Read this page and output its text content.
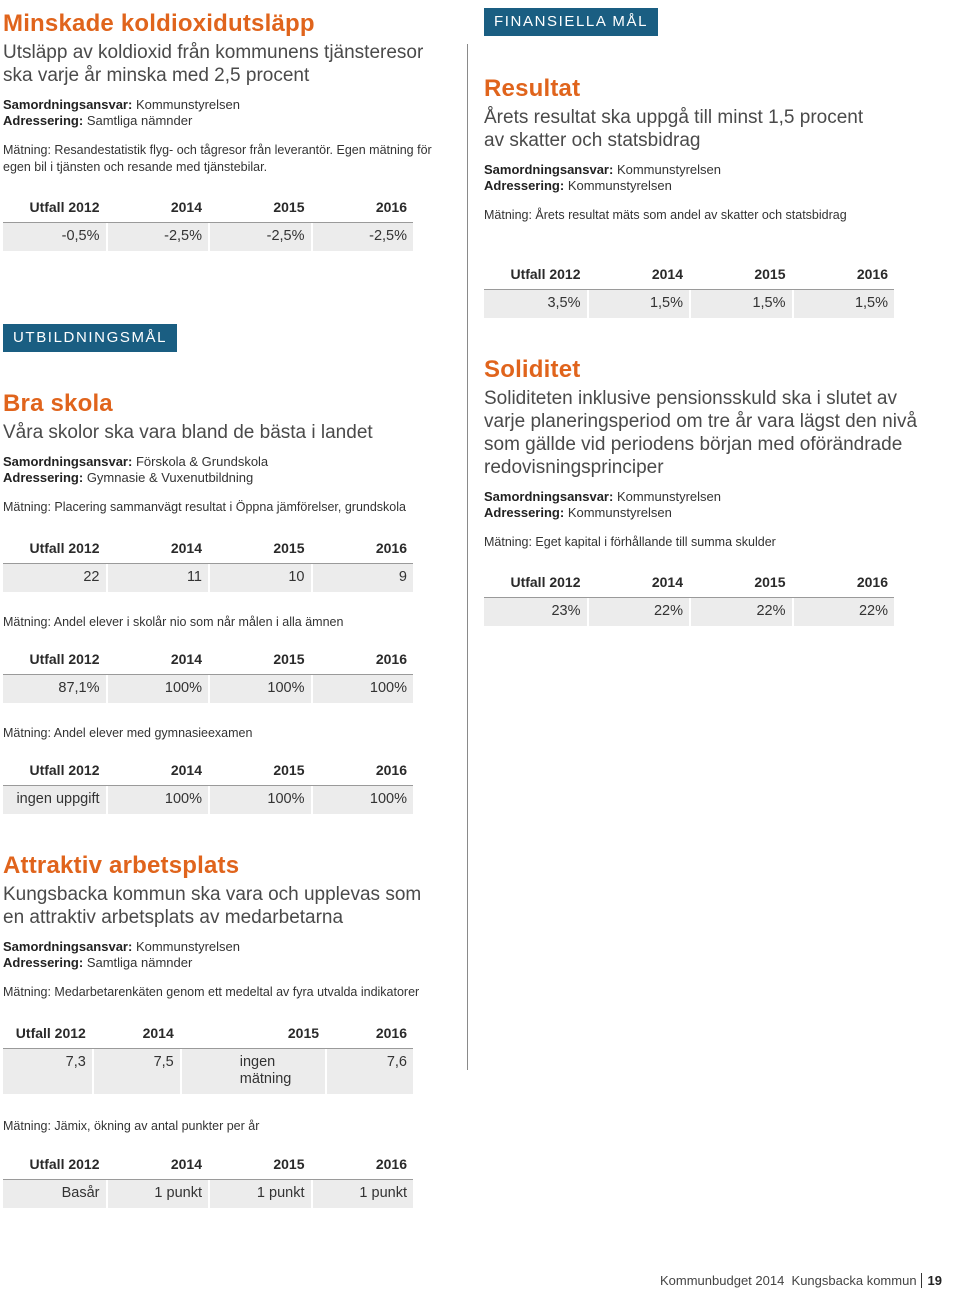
Minskade koldioxidutsläpp

Utsläpp av koldioxid från kommunens tjänsteresor ska varje år minska med 2,5 procent

Samordningsansvar: Kommunstyrelsen
Adressering: Samtliga nämnder
Mätning: Resandestatistik flyg- och tågresor från leverantör. Egen mätning för egen bil i tjänsten och resande med tjänstebilar.
Utfall 2012	2014	2015	2016
-0,5%	-2,5%	-2,5%	-2,5%
UTBILDNINGSMÅL
Bra skola

Våra skolor ska vara bland de bästa i landet

Samordningsansvar: Förskola & Grundskola
Adressering: Gymnasie & Vuxenutbildning
Mätning: Placering sammanvägt resultat i Öppna jämförelser, grundskola
Utfall 2012	2014	2015	2016
22	11	10	9
Mätning: Andel elever i skolår nio som når målen i alla ämnen
Utfall 2012	2014	2015	2016
87,1%	100%	100%	100%
Mätning: Andel elever med gymnasieexamen
Utfall 2012	2014	2015	2016
ingen uppgift	100%	100%	100%
Attraktiv arbetsplats

Kungsbacka kommun ska vara och upplevas som en attraktiv arbetsplats av medarbetarna

Samordningsansvar: Kommunstyrelsen
Adressering: Samtliga nämnder
Mätning: Medarbetarenkäten genom ett medeltal av fyra utvalda indikatorer
Utfall 2012	2014	2015	2016
7,3	7,5	ingen mätning	7,6
Mätning: Jämix, ökning av antal punkter per år
Utfall 2012	2014	2015	2016
Basår	1 punkt	1 punkt	1 punkt
FINANSIELLA MÅL
Resultat

Årets resultat ska uppgå till minst 1,5 procent av skatter och statsbidrag

Samordningsansvar: Kommunstyrelsen
Adressering: Kommunstyrelsen
Mätning: Årets resultat mäts som andel av skatter och statsbidrag
Utfall 2012	2014	2015	2016
3,5%	1,5%	1,5%	1,5%
Soliditet

Soliditeten inklusive pensionsskuld ska i slutet av varje planeringsperiod om tre år vara lägst den nivå som gällde vid periodens början med oförändrade redovisningsprinciper

Samordningsansvar: Kommunstyrelsen
Adressering: Kommunstyrelsen
Mätning: Eget kapital i förhållande till summa skulder
Utfall 2012	2014	2015	2016
23%	22%	22%	22%
Kommunbudget 2014  Kungsbacka kommun 19
